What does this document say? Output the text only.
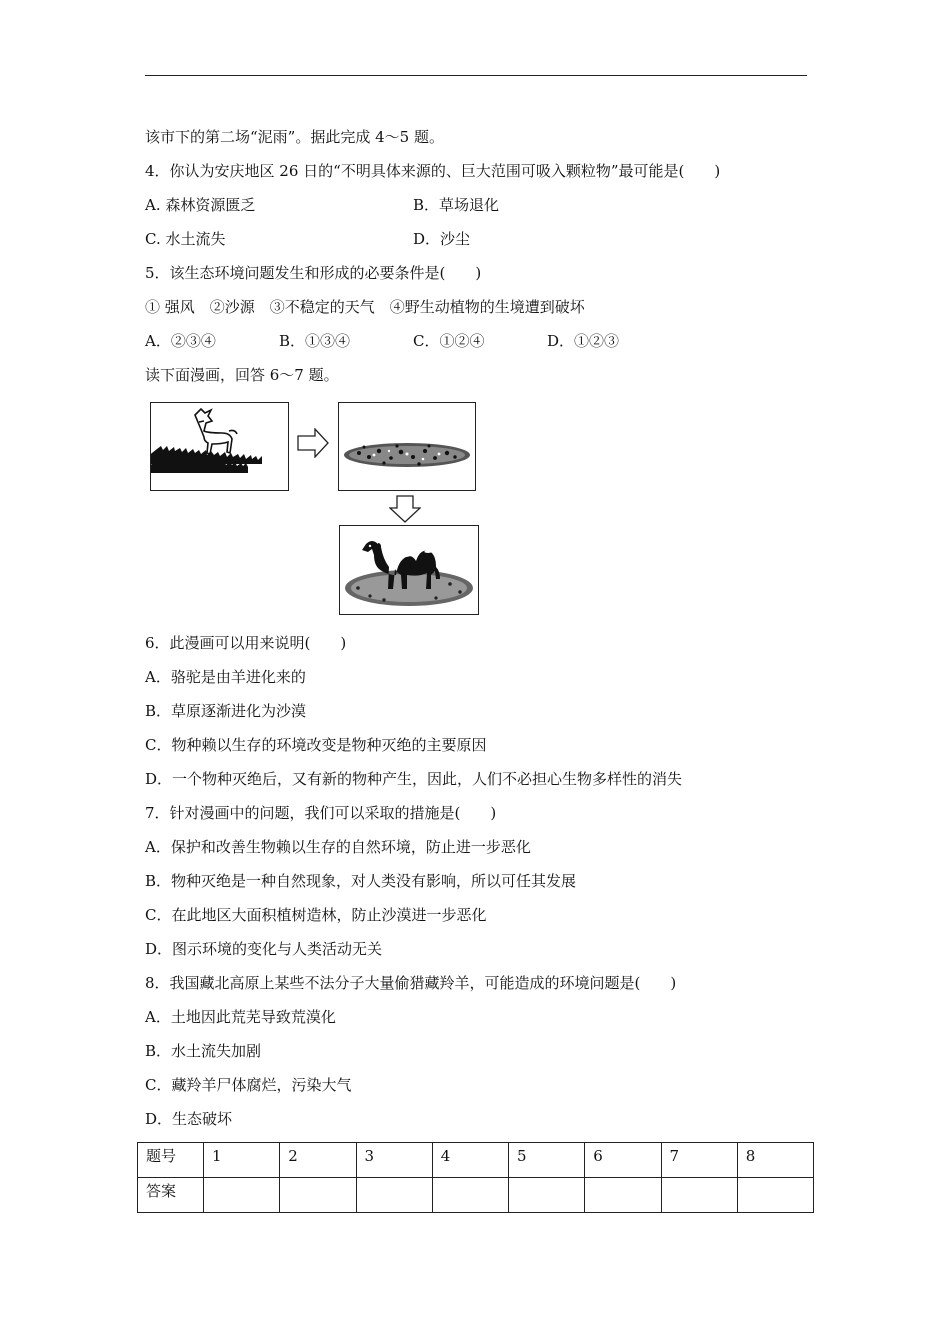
该市下的第二场“泥雨”。据此完成 4～5 题。
4．你认为安庆地区 26 日的“不明具体来源的、巨大范围可吸入颗粒物”最可能是(　　)
A. 森林资源匮乏	B．草场退化
C. 水土流失	D．沙尘
5．该生态环境问题发生和形成的必要条件是(　　)
① 强风　②沙源　③不稳定的天气　④野生动植物的生境遭到破坏
A．②③④	B．①③④	C．①②④	D．①②③
读下面漫画，回答 6～7 题。
6．此漫画可以用来说明(　　)
A．骆驼是由羊进化来的
B．草原逐渐进化为沙漠
C．物种赖以生存的环境改变是物种灭绝的主要原因
D．一个物种灭绝后，又有新的物种产生，因此，人们不必担心生物多样性的消失
7．针对漫画中的问题，我们可以采取的措施是(　　)
A．保护和改善生物赖以生存的自然环境，防止进一步恶化
B．物种灭绝是一种自然现象，对人类没有影响，所以可任其发展
C．在此地区大面积植树造林，防止沙漠进一步恶化
D．图示环境的变化与人类活动无关
8．我国藏北高原上某些不法分子大量偷猎藏羚羊，可能造成的环境问题是(　　)
A．土地因此荒芜导致荒漠化
B．水土流失加剧
C．藏羚羊尸体腐烂，污染大气
D．生态破坏
题号	1	2	3	4	5	6	7	8
答案								
